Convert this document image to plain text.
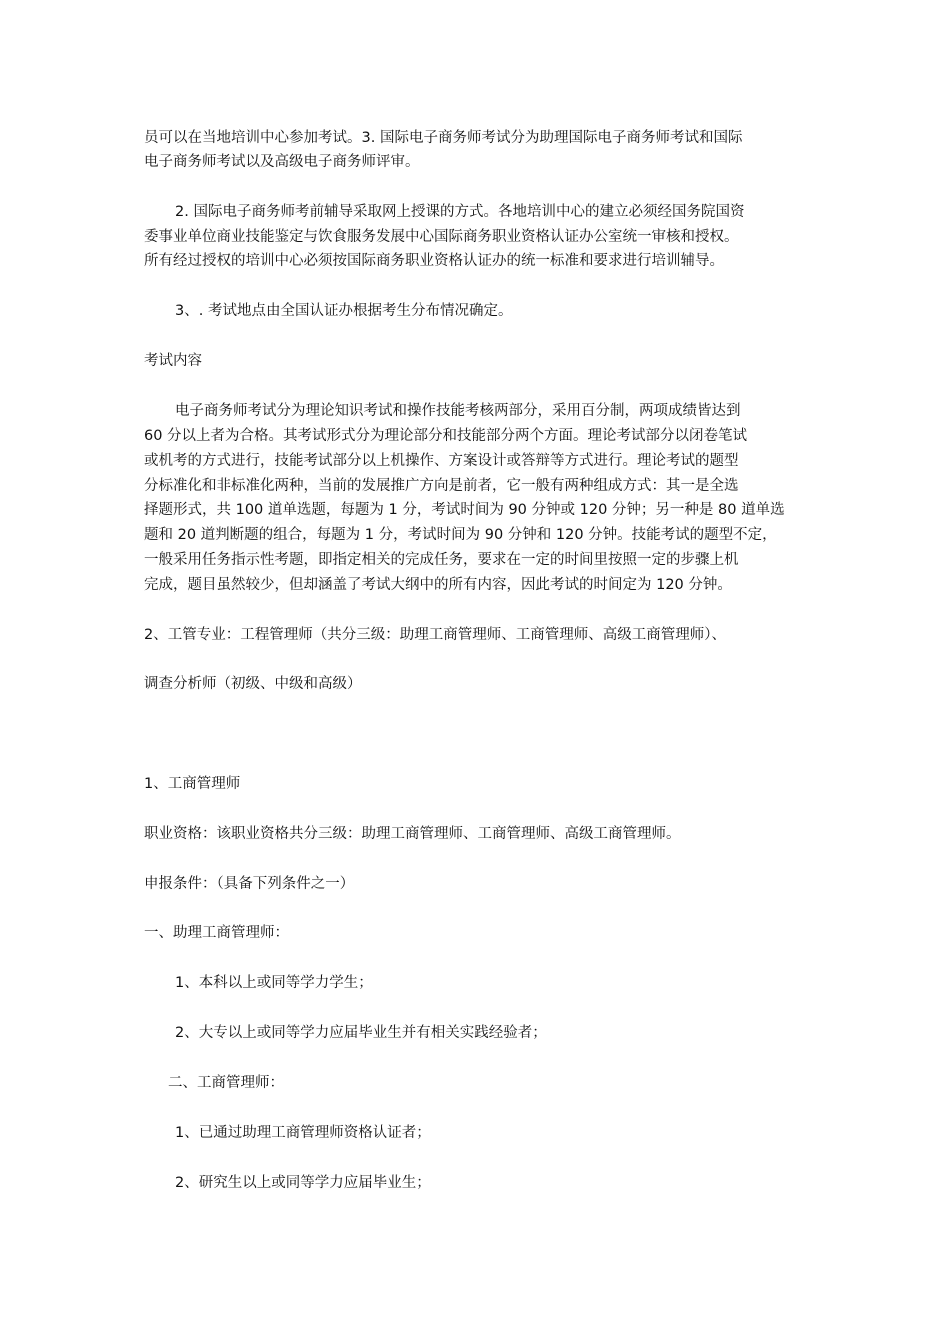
员可以在当地培训中心参加考试。3. 国际电子商务师考试分为助理国际电子商务师考试和国际
电子商务师考试以及高级电子商务师评审。
2. 国际电子商务师考前辅导采取网上授课的方式。各地培训中心的建立必须经国务院国资
委事业单位商业技能鉴定与饮食服务发展中心国际商务职业资格认证办公室统一审核和授权。
所有经过授权的培训中心必须按国际商务职业资格认证办的统一标准和要求进行培训辅导。
3、. 考试地点由全国认证办根据考生分布情况确定。
考试内容
电子商务师考试分为理论知识考试和操作技能考核两部分，采用百分制，两项成绩皆达到
60 分以上者为合格。其考试形式分为理论部分和技能部分两个方面。理论考试部分以闭卷笔试
或机考的方式进行，技能考试部分以上机操作、方案设计或答辩等方式进行。理论考试的题型
分标准化和非标准化两种，当前的发展推广方向是前者，它一般有两种组成方式：其一是全选
择题形式，共 100 道单选题，每题为 1 分，考试时间为 90 分钟或 120 分钟；另一种是 80 道单选
题和 20 道判断题的组合，每题为 1 分，考试时间为 90 分钟和 120 分钟。技能考试的题型不定，
一般采用任务指示性考题，即指定相关的完成任务，要求在一定的时间里按照一定的步骤上机
完成，题目虽然较少，但却涵盖了考试大纲中的所有内容，因此考试的时间定为 120 分钟。
2、工管专业：工程管理师（共分三级：助理工商管理师、工商管理师、高级工商管理师）、
调查分析师（初级、中级和高级）
1、工商管理师
职业资格：该职业资格共分三级：助理工商管理师、工商管理师、高级工商管理师。
申报条件：（具备下列条件之一）
一、助理工商管理师：
1、本科以上或同等学力学生；
2、大专以上或同等学力应届毕业生并有相关实践经验者；
二、工商管理师：
1、已通过助理工商管理师资格认证者；
2、研究生以上或同等学力应届毕业生；
